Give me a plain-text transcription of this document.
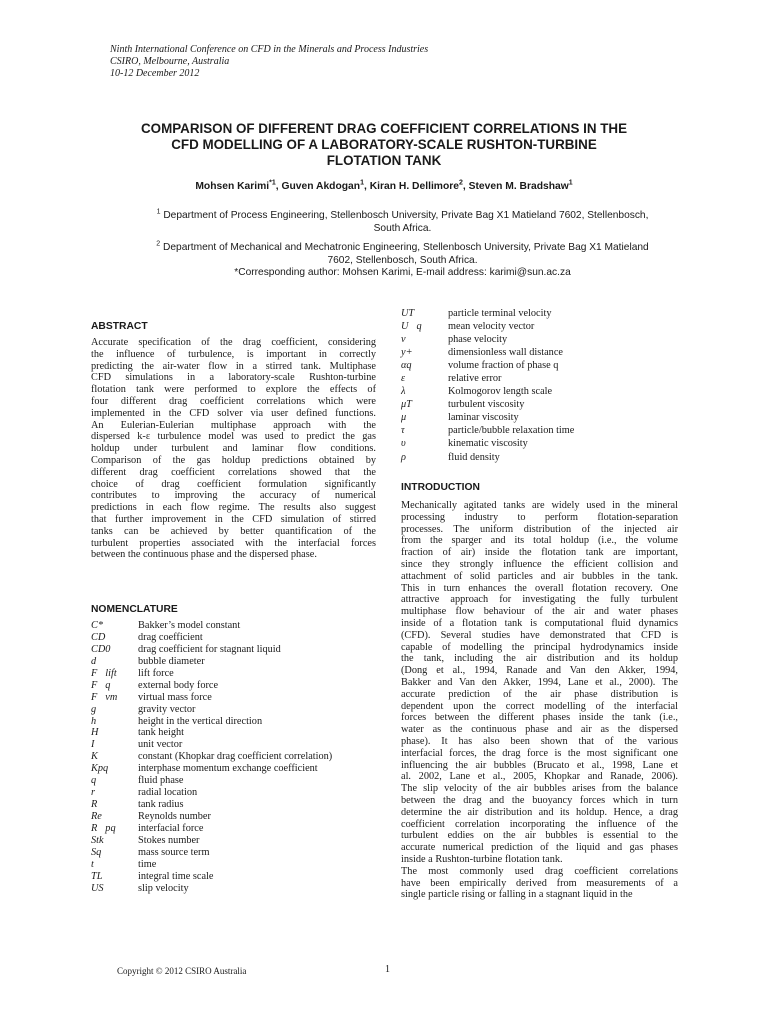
Ninth International Conference on CFD in the Minerals and Process Industries
CSIRO, Melbourne, Australia
10-12 December 2012
COMPARISON OF DIFFERENT DRAG COEFFICIENT CORRELATIONS IN THE
CFD MODELLING OF A LABORATORY-SCALE RUSHTON-TURBINE
FLOTATION TANK
Mohsen Karimi$^{*1}$, Guven Akdogan$^1$, Kiran H. Dellimore$^2$, Steven M. Bradshaw$^1$
$^1$ Department of Process Engineering, Stellenbosch University, Private Bag X1 Matieland 7602, Stellenbosch,
South Africa.
$^2$ Department of Mechanical and Mechatronic Engineering, Stellenbosch University, Private Bag X1 Matieland
7602, Stellenbosch, South Africa.
*Corresponding author: Mohsen Karimi, E-mail address: karimi@sun.ac.za
ABSTRACT
Accurate specification of the drag coefficient, considering
the influence of turbulence, is important in correctly
predicting the air-water flow in a stirred tank. Multiphase
CFD simulations in a laboratory-scale Rushton-turbine
flotation tank were performed to explore the effects of
four different drag coefficient correlations which were
implemented in the CFD solver via user defined functions.
An Eulerian-Eulerian multiphase approach with the
dispersed k-ε turbulence model was used to predict the gas
holdup under turbulent and laminar flow conditions.
Comparison of the gas holdup predictions obtained by
different drag coefficient correlations showed that the
choice of drag coefficient formulation significantly
contributes to improving the accuracy of numerical
predictions in each flow regime. The results also suggest
that further improvement in the CFD simulation of stirred
tanks can be achieved by better quantification of the
turbulent properties associated with the interfacial forces
between the continuous phase and the dispersed phase.
NOMENCLATURE
C*	Bakker’s model constant
CD	drag coefficient
CD0	drag coefficient for stagnant liquid
d	bubble diameter
F⃗lift lift force
F⃗q	external body force
F⃗vm virtual mass force
g⃗	gravity vector
h	height in the vertical direction
H	tank height
I	unit vector
K	constant (Khopkar drag coefficient correlation)
Kpq	interphase momentum exchange coefficient
q	fluid phase
r	radial location
R	tank radius
Re	Reynolds number
R⃗pq interfacial force
Stk	Stokes number
Sq	mass source term
t	time
TL	integral time scale
US	slip velocity
UT	particle terminal velocity
U⃗q	mean velocity vector
v⃗	phase velocity
y+	dimensionless wall distance
αq	volume fraction of phase q
ε	relative error
λ	Kolmogorov length scale
μT	turbulent viscosity
μ	laminar viscosity
τ	particle/bubble relaxation time
υ	kinematic viscosity
ρ	fluid density
INTRODUCTION
Mechanically agitated tanks are widely used in the mineral
processing industry to perform flotation-separation
processes. The uniform distribution of the injected air
from the sparger and its total holdup (i.e., the volume
fraction of air) inside the flotation tank are important,
since they strongly influence the efficient collision and
attachment of solid particles and air bubbles in the tank.
This in turn enhances the overall flotation recovery. One
attractive approach for investigating the fully turbulent
multiphase flow behaviour of the air and water phases
inside of a flotation tank is computational fluid dynamics
(CFD). Several studies have demonstrated that CFD is
capable of modelling the principal hydrodynamics inside
the tank, including the air distribution and its holdup
(Dong et al., 1994, Ranade and Van den Akker, 1994,
Bakker and Van den Akker, 1994, Lane et al., 2000). The
accurate prediction of the air phase distribution is
dependent upon the correct modelling of the interfacial
forces between the different phases inside the tank (i.e.,
water as the continuous phase and air as the dispersed
phase). It has also been shown that of the various
interfacial forces, the drag force is the most significant one
influencing the air bubbles (Brucato et al., 1998, Lane et
al. 2002, Lane et al., 2005, Khopkar and Ranade, 2006).
The slip velocity of the air bubbles arises from the balance
between the drag and the buoyancy forces which in turn
determine the air distribution and its holdup. Hence, a drag
coefficient correlation incorporating the influence of the
turbulent eddies on the air bubbles is essential to the
accurate numerical prediction of the liquid and gas phases
inside a Rushton-turbine flotation tank.
The most commonly used drag coefficient correlations
have been empirically derived from measurements of a
single particle rising or falling in a stagnant liquid in the
Copyright © 2012 CSIRO Australia	1
